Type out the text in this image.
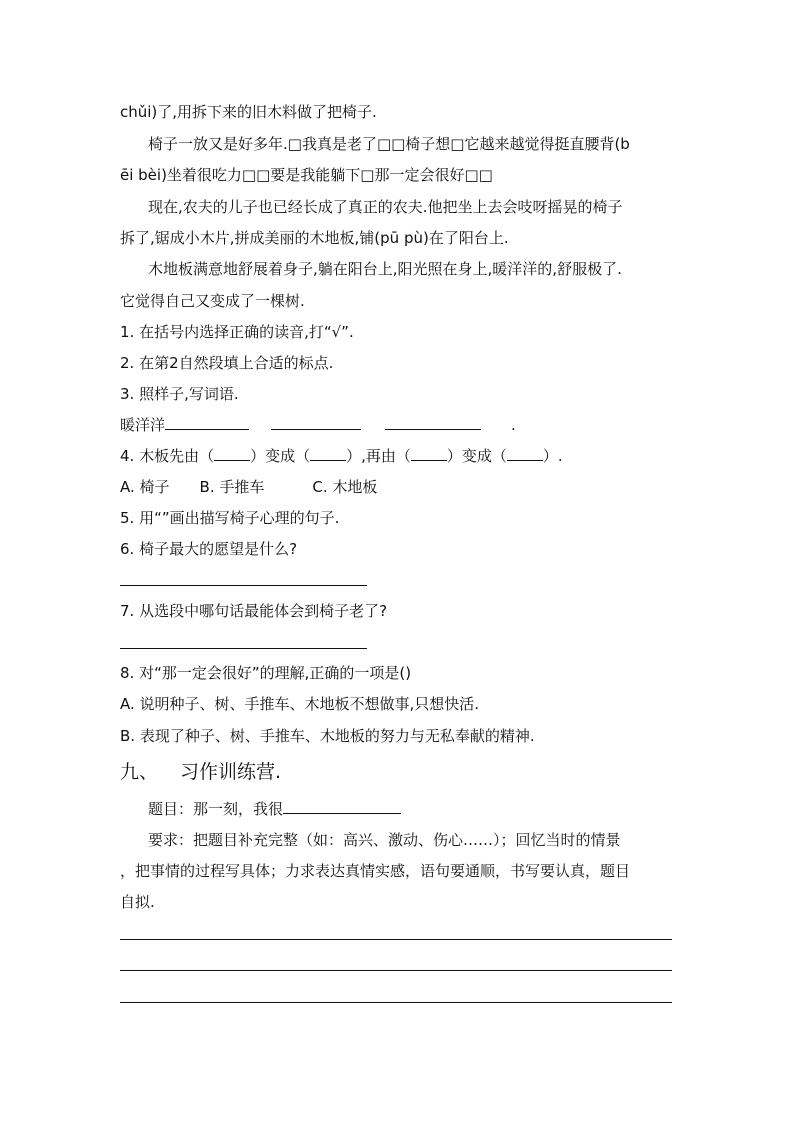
chǔi)了,用拆下来的旧木料做了把椅子.
椅子一放又是好多年.□我真是老了□□椅子想□它越来越觉得挺直腰背(b
ēi bèi)坐着很吃力□□要是我能躺下□那一定会很好□□
现在,农夫的儿子也已经长成了真正的农夫.他把坐上去会吱呀摇晃的椅子
拆了,锯成小木片,拼成美丽的木地板,铺(pū pù)在了阳台上.
木地板满意地舒展着身子,躺在阳台上,阳光照在身上,暖洋洋的,舒服极了.
它觉得自己又变成了一棵树.
1. 在括号内选择正确的读音,打“√”.
2. 在第2自然段填上合适的标点.
3. 照样子,写词语.
暖洋洋	.
4. 木板先由（ ）变成（ ）,再由（ ）变成（ ）.
A. 椅子 B. 手推车	C. 木地板
5. 用“”画出描写椅子心理的句子.
6. 椅子最大的愿望是什么?
7. 从选段中哪句话最能体会到椅子老了?
8. 对“那一定会很好”的理解,正确的一项是()
A. 说明种子、树、手推车、木地板不想做事,只想快活.
B. 表现了种子、树、手推车、木地板的努力与无私奉献的精神.
九、 习作训练营.
题目：那一刻，我很
要求：把题目补充完整（如：高兴、激动、伤心……）；回忆当时的情景
，把事情的过程写具体；力求表达真情实感，语句要通顺，书写要认真，题目
自拟.
